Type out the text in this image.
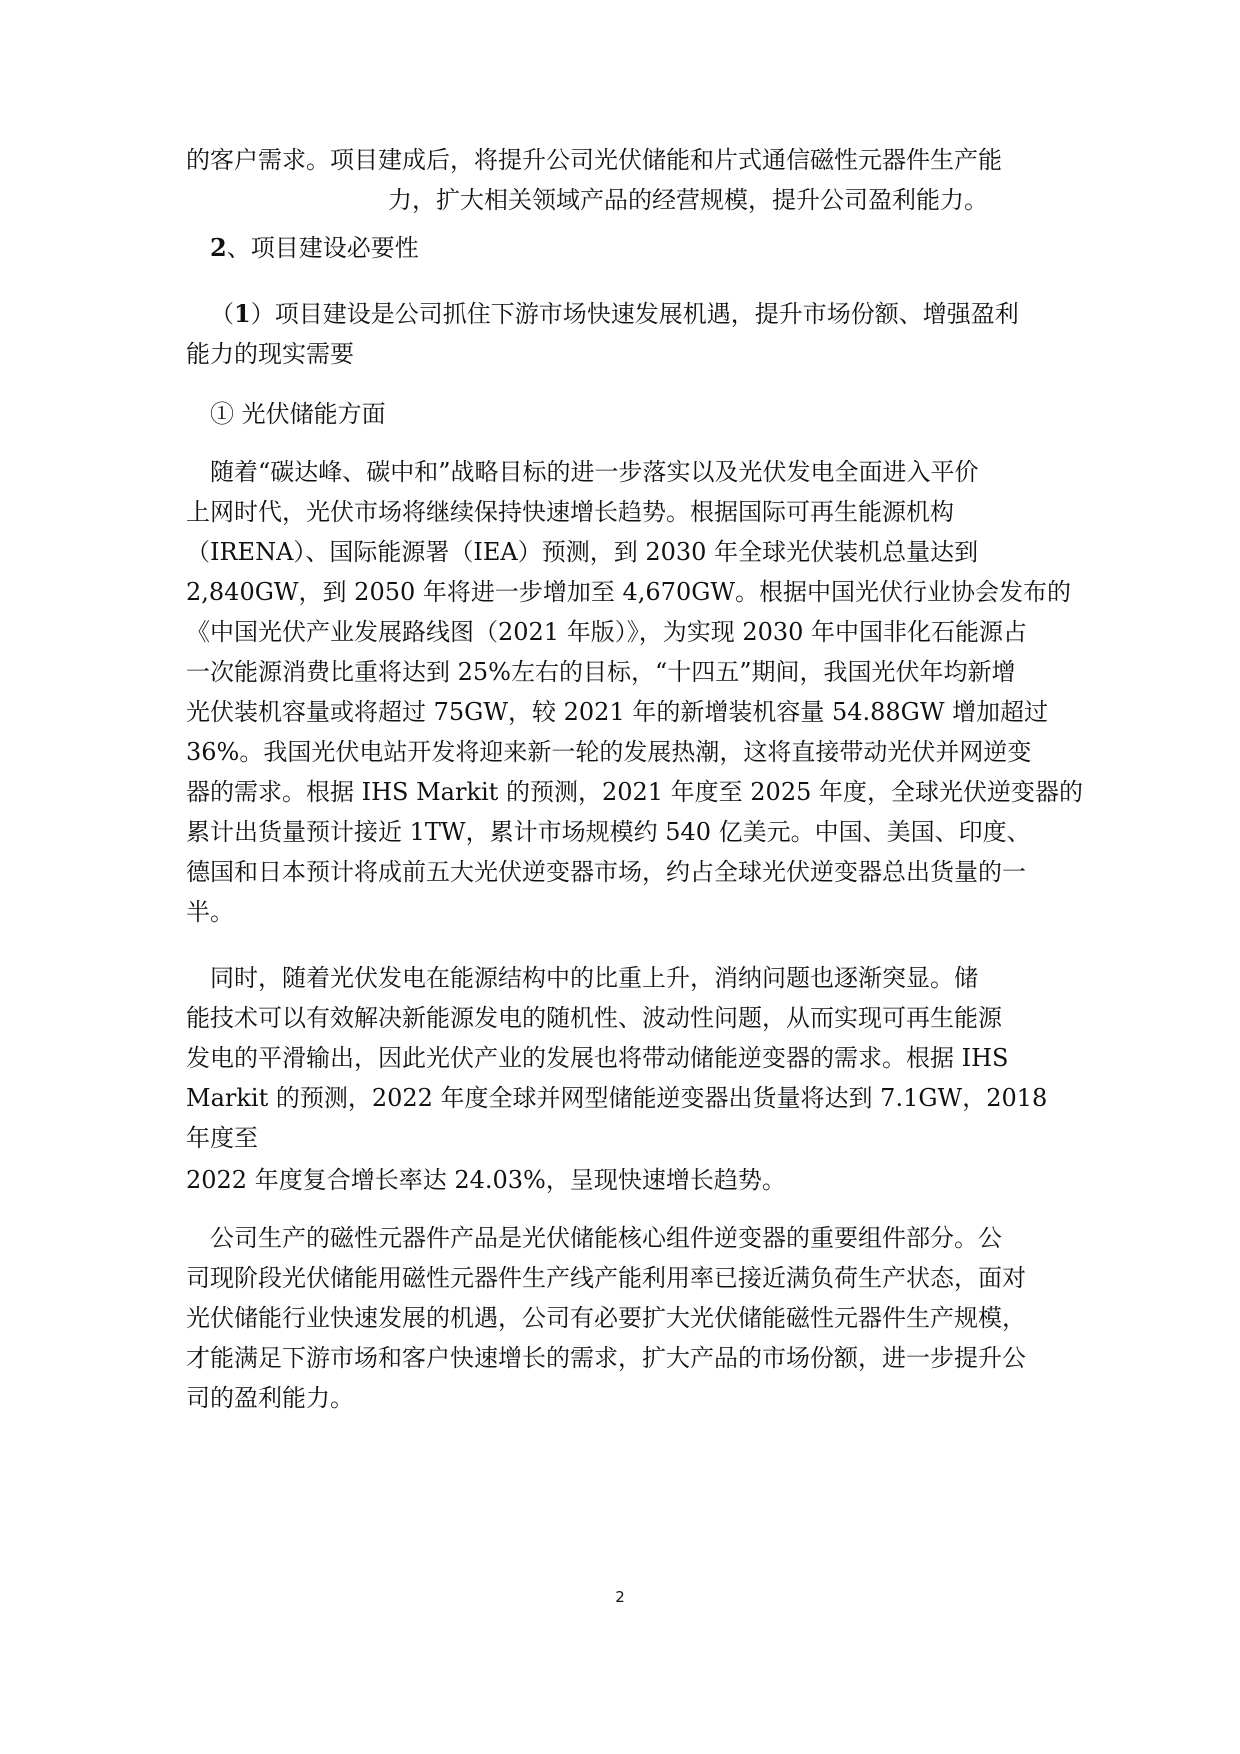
的客户需求。项目建成后，将提升公司光伏储能和片式通信磁性元器件生产能
力，扩大相关领域产品的经营规模，提升公司盈利能力。
2、项目建设必要性
（1）项目建设是公司抓住下游市场快速发展机遇，提升市场份额、增强盈利
能力的现实需要
① 光伏储能方面
随着“碳达峰、碳中和”战略目标的进一步落实以及光伏发电全面进入平价
上网时代，光伏市场将继续保持快速增长趋势。根据国际可再生能源机构
（IRENA）、国际能源署（IEA）预测，到 2030 年全球光伏装机总量达到
2,840GW，到 2050 年将进一步增加至 4,670GW。根据中国光伏行业协会发布的
《中国光伏产业发展路线图（2021 年版）》，为实现 2030 年中国非化石能源占
一次能源消费比重将达到 25%左右的目标，“十四五”期间，我国光伏年均新增
光伏装机容量或将超过 75GW，较 2021 年的新增装机容量 54.88GW 增加超过
36%。我国光伏电站开发将迎来新一轮的发展热潮，这将直接带动光伏并网逆变
器的需求。根据 IHS Markit 的预测，2021 年度至 2025 年度，全球光伏逆变器的
累计出货量预计接近 1TW，累计市场规模约 540 亿美元。中国、美国、印度、
德国和日本预计将成前五大光伏逆变器市场，约占全球光伏逆变器总出货量的一
半。
同时，随着光伏发电在能源结构中的比重上升，消纳问题也逐渐突显。储
能技术可以有效解决新能源发电的随机性、波动性问题，从而实现可再生能源
发电的平滑输出，因此光伏产业的发展也将带动储能逆变器的需求。根据 IHS
Markit 的预测，2022 年度全球并网型储能逆变器出货量将达到 7.1GW，2018
年度至
2022 年度复合增长率达 24.03%，呈现快速增长趋势。
公司生产的磁性元器件产品是光伏储能核心组件逆变器的重要组件部分。公
司现阶段光伏储能用磁性元器件生产线产能利用率已接近满负荷生产状态，面对
光伏储能行业快速发展的机遇，公司有必要扩大光伏储能磁性元器件生产规模，
才能满足下游市场和客户快速增长的需求，扩大产品的市场份额，进一步提升公
司的盈利能力。
2
